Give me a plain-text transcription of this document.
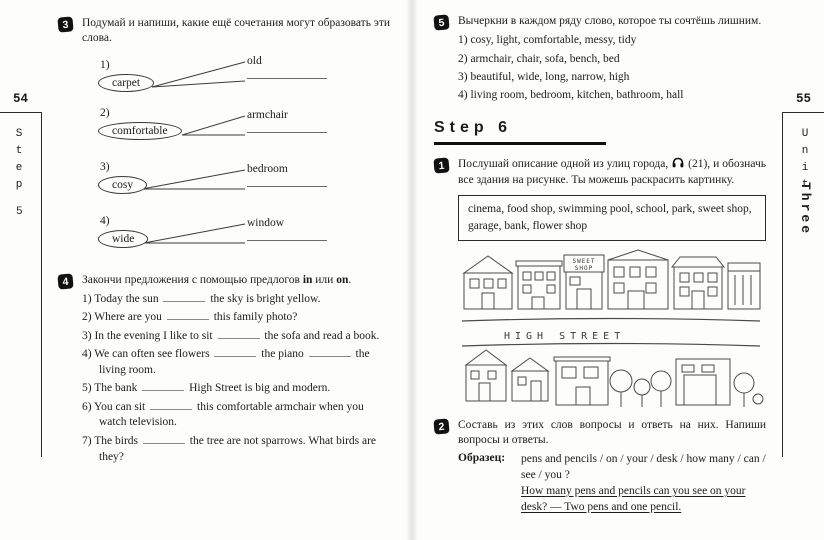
54
Step
5
55
Unit
Three
3	Подумай и напиши, какие ещё сочетания могут образовать эти слова.

1)
carpet
2)
comfortable
3)
cosy
4)
wide
old
armchair
bedroom
window
4	Закончи предложения с помощью предлогов in или on.

1) Today the sun	the sky is bright yellow.

2) Where are you	this family photo?

3) In the evening I like to sit	the sofa and read a book.

4) We can often see flowers	the piano	the living room.

5) The bank	High Street is big and modern.

6) You can sit	this comfortable armchair when you watch television.

7) The birds	the tree are not sparrows. What birds are they?

5	Вычеркни в каждом ряду слово, которое ты сочтёшь лишним.

1) cosy, light, comfortable, messy, tidy

2) armchair, chair, sofa, bench, bed

3) beautiful, wide, long, narrow, high

4) living room, bedroom, kitchen, bathroom, hall

Step 6
1	Послушай описание одной из улиц города, (21), и обозначь все здания на рисунке. Ты можешь раскрасить картинку.

cinema, food shop, swimming pool, school, park, sweet shop, garage, bank, flower shop
HIGH STREET
SWEET
SHOP
2	Составь из этих слов вопросы и ответь на них. Напиши вопросы и ответы.

Образец:	pens and pencils / on / your / desk / how many / can / see / you ?

How many pens and pencils can you see on your desk? — Two pens and one pencil.
